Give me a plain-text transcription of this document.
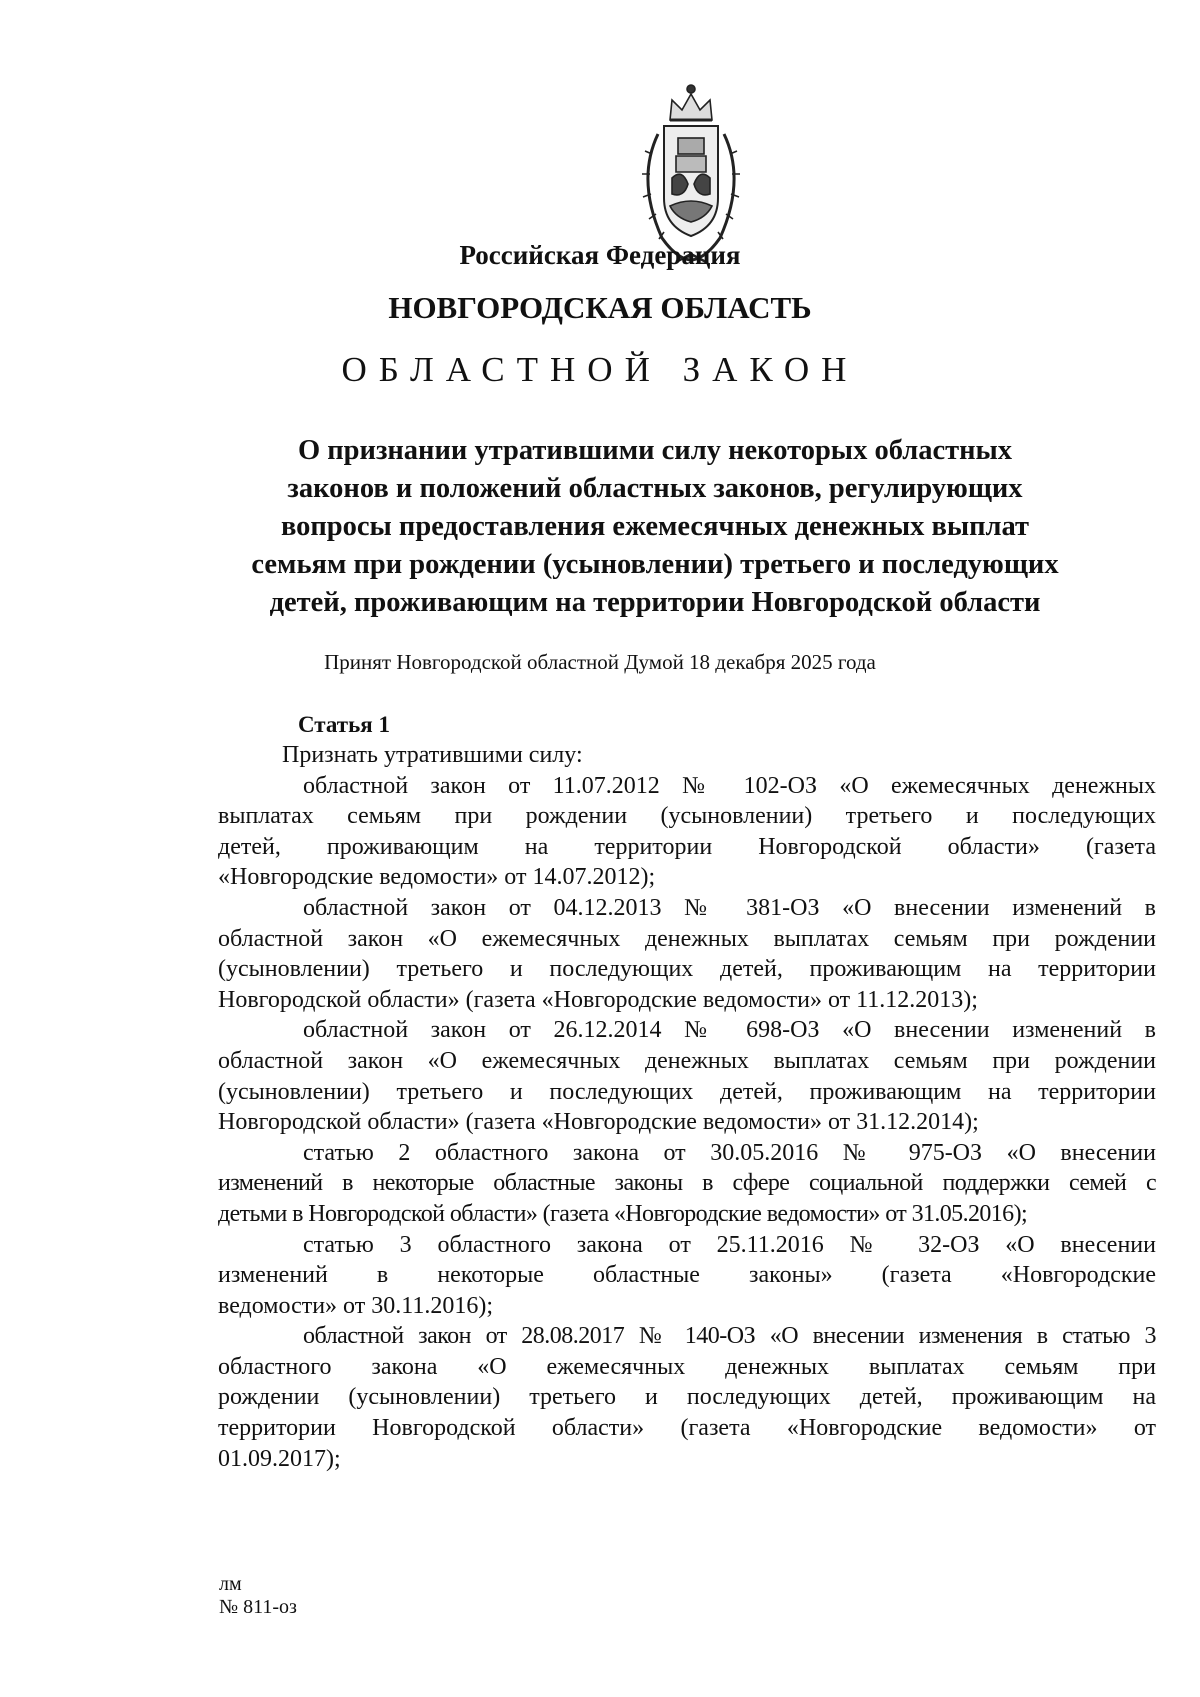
Российская Федерация
НОВГОРОДСКАЯ ОБЛАСТЬ
ОБЛАСТНОЙ ЗАКОН
О признании утратившими силу некоторых областных
законов и положений областных законов, регулирующих
вопросы предоставления ежемесячных денежных выплат
семьям при рождении (усыновлении) третьего и последующих
детей, проживающим на территории Новгородской области
Принят Новгородской областной Думой 18 декабря 2025 года
Статья 1

Признать утратившими силу:

областной закон от 11.07.2012 № 102-ОЗ «О ежемесячных денежных
выплатах семьям при рождении (усыновлении) третьего и последующих
детей, проживающим на территории Новгородской области» (газета
«Новгородские ведомости» от 14.07.2012);

областной закон от 04.12.2013 № 381-ОЗ «О внесении изменений в
областной закон «О ежемесячных денежных выплатах семьям при рождении
(усыновлении) третьего и последующих детей, проживающим на территории
Новгородской области» (газета «Новгородские ведомости» от 11.12.2013);

областной закон от 26.12.2014 № 698-ОЗ «О внесении изменений в
областной закон «О ежемесячных денежных выплатах семьям при рождении
(усыновлении) третьего и последующих детей, проживающим на территории
Новгородской области» (газета «Новгородские ведомости» от 31.12.2014);

статью 2 областного закона от 30.05.2016 № 975-ОЗ «О внесении
изменений в некоторые областные законы в сфере социальной поддержки семей с
детьми в Новгородской области» (газета «Новгородские ведомости» от 31.05.2016);

статью 3 областного закона от 25.11.2016 № 32-ОЗ «О внесении
изменений в некоторые областные законы» (газета «Новгородские
ведомости» от 30.11.2016);

областной закон от 28.08.2017 № 140-ОЗ «О внесении изменения в статью 3
областного закона «О ежемесячных денежных выплатах семьям при
рождении (усыновлении) третьего и последующих детей, проживающим на
территории Новгородской области» (газета «Новгородские ведомости» от
01.09.2017);

лм
№ 811-оз
